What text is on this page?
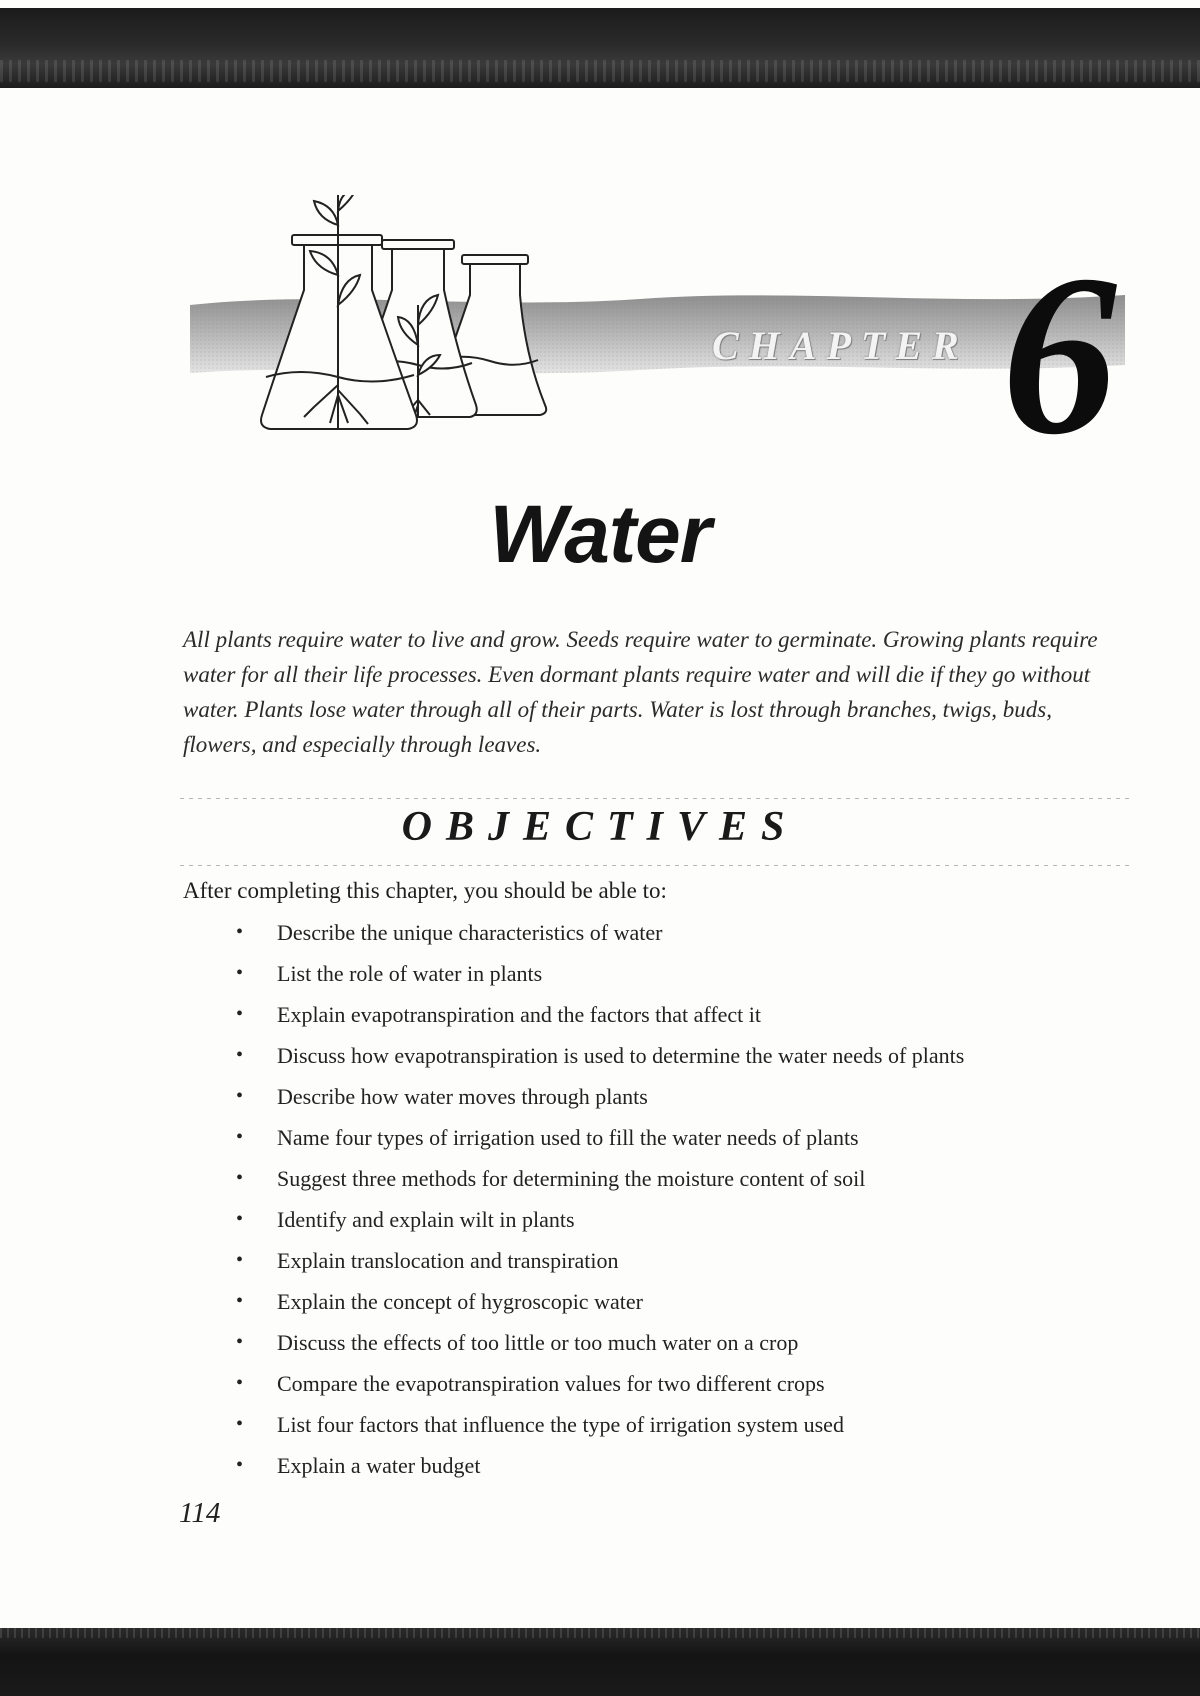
CHAPTER 6
Water

All plants require water to live and grow. Seeds require water to germinate. Growing plants require water for all their life processes. Even dormant plants require water and will die if they go without water. Plants lose water through all of their parts. Water is lost through branches, twigs, buds, flowers, and especially through leaves.

OBJECTIVES

After completing this chapter, you should be able to:

• Describe the unique characteristics of water
• List the role of water in plants
• Explain evapotranspiration and the factors that affect it
• Discuss how evapotranspiration is used to determine the water needs of plants
• Describe how water moves through plants
• Name four types of irrigation used to fill the water needs of plants
• Suggest three methods for determining the moisture content of soil
• Identify and explain wilt in plants
• Explain translocation and transpiration
• Explain the concept of hygroscopic water
• Discuss the effects of too little or too much water on a crop
• Compare the evapotranspiration values for two different crops
• List four factors that influence the type of irrigation system used
• Explain a water budget

114
